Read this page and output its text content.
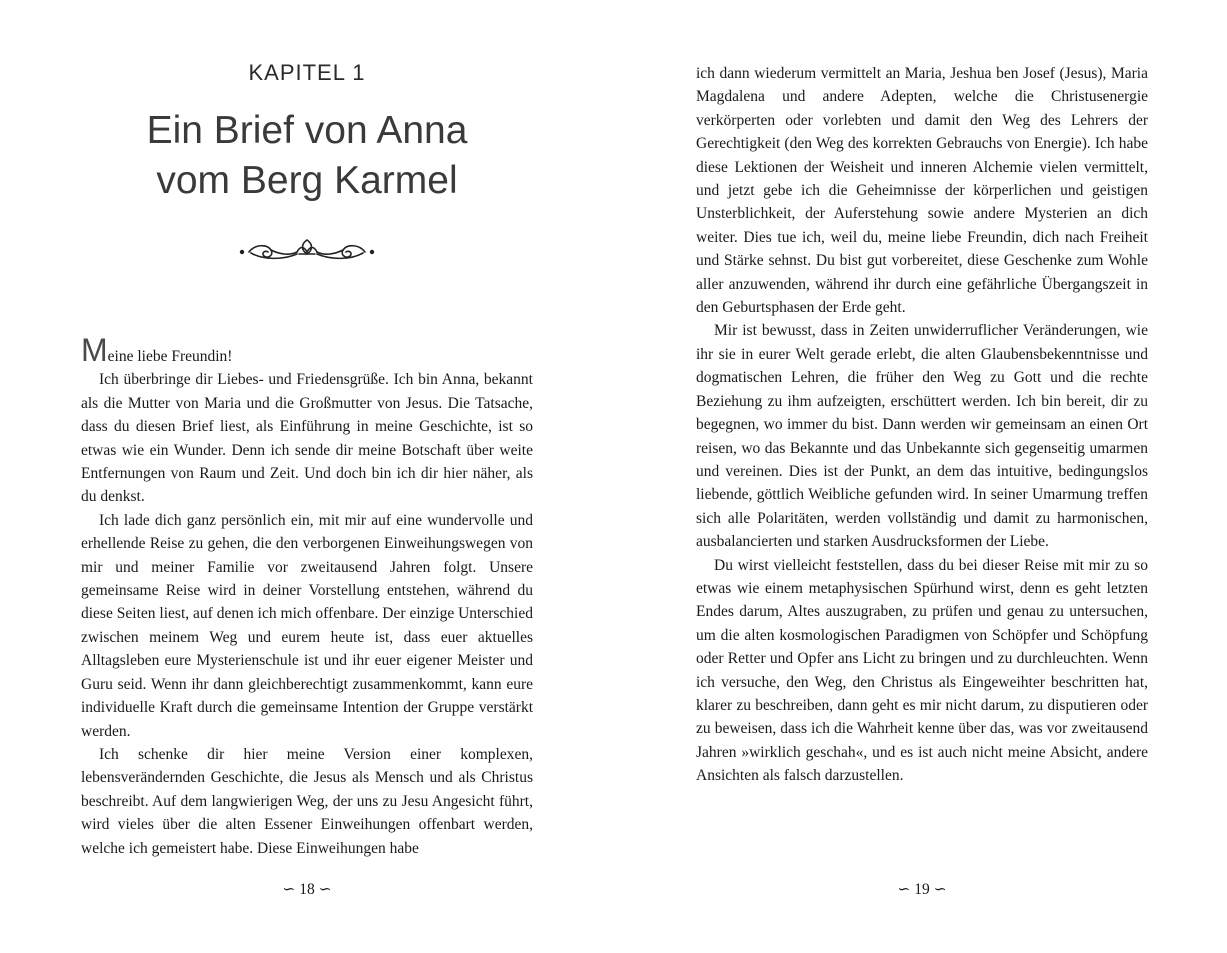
KAPITEL 1

Ein Brief von Anna
vom Berg Karmel

Meine liebe Freundin!

Ich überbringe dir Liebes- und Friedensgrüße. Ich bin Anna, bekannt als die Mutter von Maria und die Großmutter von Jesus. Die Tatsache, dass du diesen Brief liest, als Einführung in meine Geschichte, ist so etwas wie ein Wunder. Denn ich sende dir meine Botschaft über weite Entfernungen von Raum und Zeit. Und doch bin ich dir hier näher, als du denkst.

Ich lade dich ganz persönlich ein, mit mir auf eine wundervolle und erhellende Reise zu gehen, die den verborgenen Einweihungswegen von mir und meiner Familie vor zweitausend Jahren folgt. Unsere gemeinsame Reise wird in deiner Vorstellung entstehen, während du diese Seiten liest, auf denen ich mich offenbare. Der einzige Unterschied zwischen meinem Weg und eurem heute ist, dass euer aktuelles Alltagsleben eure Mysterienschule ist und ihr euer eigener Meister und Guru seid. Wenn ihr dann gleichberechtigt zusammenkommt, kann eure individuelle Kraft durch die gemeinsame Intention der Gruppe verstärkt werden.

Ich schenke dir hier meine Version einer komplexen, lebensverändernden Geschichte, die Jesus als Mensch und als Christus beschreibt. Auf dem langwierigen Weg, der uns zu Jesu Angesicht führt, wird vieles über die alten Essener Einweihungen offenbart werden, welche ich gemeistert habe. Diese Einweihungen habe

∽ 18 ∽

ich dann wiederum vermittelt an Maria, Jeshua ben Josef (Jesus), Maria Magdalena und andere Adepten, welche die Christusenergie verkörperten oder vorlebten und damit den Weg des Lehrers der Gerechtigkeit (den Weg des korrekten Gebrauchs von Energie). Ich habe diese Lektionen der Weisheit und inneren Alchemie vielen vermittelt, und jetzt gebe ich die Geheimnisse der körperlichen und geistigen Unsterblichkeit, der Auferstehung sowie andere Mysterien an dich weiter. Dies tue ich, weil du, meine liebe Freundin, dich nach Freiheit und Stärke sehnst. Du bist gut vorbereitet, diese Geschenke zum Wohle aller anzuwenden, während ihr durch eine gefährliche Übergangszeit in den Geburtsphasen der Erde geht.

Mir ist bewusst, dass in Zeiten unwiderruflicher Veränderungen, wie ihr sie in eurer Welt gerade erlebt, die alten Glaubensbekenntnisse und dogmatischen Lehren, die früher den Weg zu Gott und die rechte Beziehung zu ihm aufzeigten, erschüttert werden. Ich bin bereit, dir zu begegnen, wo immer du bist. Dann werden wir gemeinsam an einen Ort reisen, wo das Bekannte und das Unbekannte sich gegenseitig umarmen und vereinen. Dies ist der Punkt, an dem das intuitive, bedingungslos liebende, göttlich Weibliche gefunden wird. In seiner Umarmung treffen sich alle Polaritäten, werden vollständig und damit zu harmonischen, ausbalancierten und starken Ausdrucksformen der Liebe.

Du wirst vielleicht feststellen, dass du bei dieser Reise mit mir zu so etwas wie einem metaphysischen Spürhund wirst, denn es geht letzten Endes darum, Altes auszugraben, zu prüfen und genau zu untersuchen, um die alten kosmologischen Paradigmen von Schöpfer und Schöpfung oder Retter und Opfer ans Licht zu bringen und zu durchleuchten. Wenn ich versuche, den Weg, den Christus als Eingeweihter beschritten hat, klarer zu beschreiben, dann geht es mir nicht darum, zu disputieren oder zu beweisen, dass ich die Wahrheit kenne über das, was vor zweitausend Jahren »wirklich geschah«, und es ist auch nicht meine Absicht, andere Ansichten als falsch darzustellen.

∽ 19 ∽
